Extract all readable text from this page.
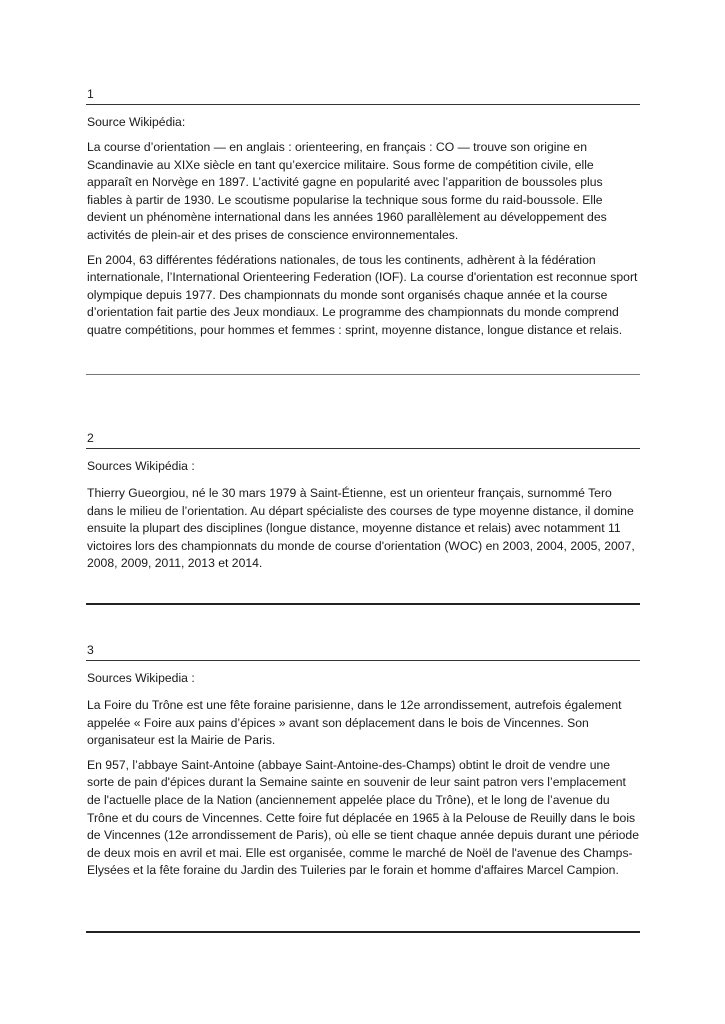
1
Source Wikipédia:

La course d’orientation — en anglais : orienteering, en français : CO — trouve son origine en Scandinavie au XIXe siècle en tant qu’exercice militaire. Sous forme de compétition civile, elle apparaît en Norvège en 1897. L’activité gagne en popularité avec l’apparition de boussoles plus fiables à partir de 1930. Le scoutisme popularise la technique sous forme du raid-boussole. Elle devient un phénomène international dans les années 1960 parallèlement au développement des activités de plein-air et des prises de conscience environnementales.

En 2004, 63 différentes fédérations nationales, de tous les continents, adhèrent à la fédération internationale, l’International Orienteering Federation (IOF). La course d'orientation est reconnue sport olympique depuis 1977. Des championnats du monde sont organisés chaque année et la course d’orientation fait partie des Jeux mondiaux. Le programme des championnats du monde comprend quatre compétitions, pour hommes et femmes : sprint, moyenne distance, longue distance et relais.

2
Sources Wikipédia :

Thierry Gueorgiou, né le 30 mars 1979 à Saint-Étienne, est un orienteur français, surnommé Tero dans le milieu de l’orientation. Au départ spécialiste des courses de type moyenne distance, il domine ensuite la plupart des disciplines (longue distance, moyenne distance et relais) avec notamment 11 victoires lors des championnats du monde de course d'orientation (WOC) en 2003, 2004, 2005, 2007, 2008, 2009, 2011, 2013 et 2014.

3
Sources Wikipedia :

La Foire du Trône est une fête foraine parisienne, dans le 12e arrondissement, autrefois également appelée « Foire aux pains d’épices » avant son déplacement dans le bois de Vincennes. Son organisateur est la Mairie de Paris.

En 957, l’abbaye Saint-Antoine (abbaye Saint-Antoine-des-Champs) obtint le droit de vendre une sorte de pain d'épices durant la Semaine sainte en souvenir de leur saint patron vers l’emplacement de l'actuelle place de la Nation (anciennement appelée place du Trône), et le long de l’avenue du Trône et du cours de Vincennes. Cette foire fut déplacée en 1965 à la Pelouse de Reuilly dans le bois de Vincennes (12e arrondissement de Paris), où elle se tient chaque année depuis durant une période de deux mois en avril et mai. Elle est organisée, comme le marché de Noël de l'avenue des Champs-Elysées et la fête foraine du Jardin des Tuileries par le forain et homme d'affaires Marcel Campion.
